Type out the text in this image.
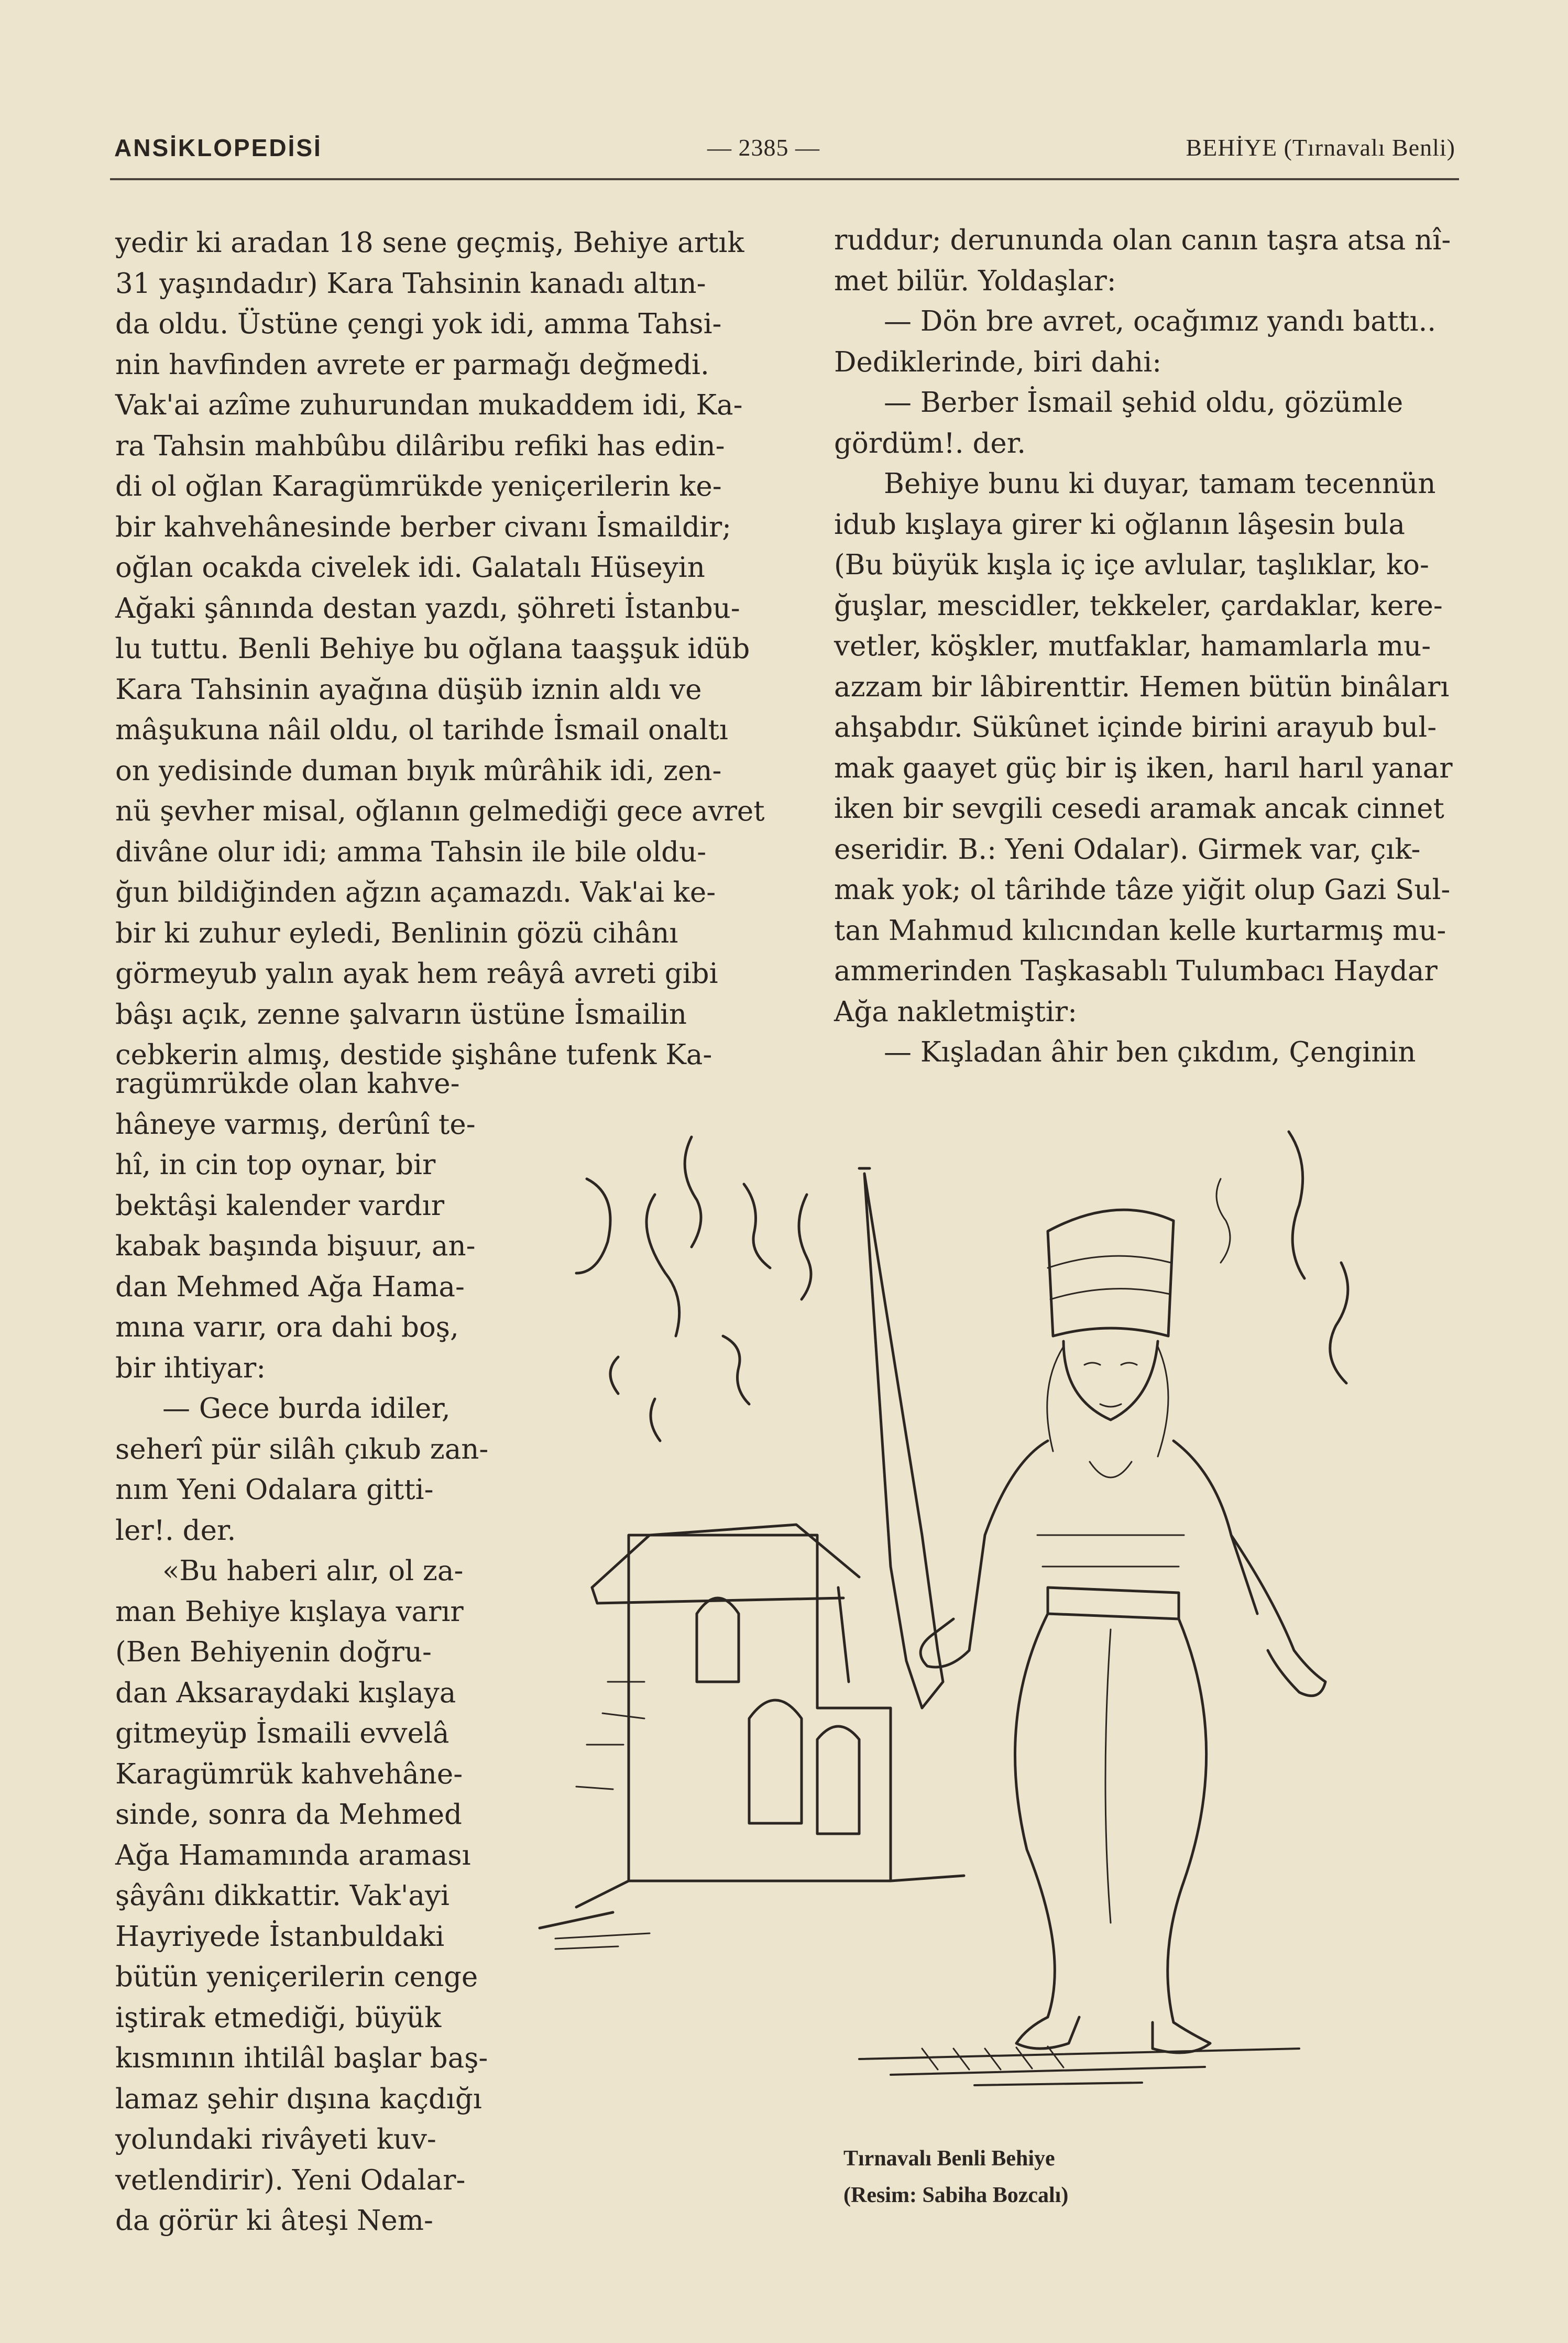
ANSİKLOPEDİSİ	— 2385 —	BEHİYE (Tırnavalı Benli)
yedir ki aradan 18 sene geçmiş, Behiye artık
31 yaşındadır) Kara Tahsinin kanadı altın-
da oldu. Üstüne çengi yok idi, amma Tahsi-
nin havfinden avrete er parmağı değmedi.
Vak'ai azîme zuhurundan mukaddem idi, Ka-
ra Tahsin mahbûbu dilâribu refiki has edin-
di ol oğlan Karagümrükde yeniçerilerin ke-
bir kahvehânesinde berber civanı İsmaildir;
oğlan ocakda civelek idi. Galatalı Hüseyin
Ağaki şânında destan yazdı, şöhreti İstanbu-
lu tuttu. Benli Behiye bu oğlana taaşşuk idüb
Kara Tahsinin ayağına düşüb iznin aldı ve
mâşukuna nâil oldu, ol tarihde İsmail onaltı
on yedisinde duman bıyık mûrâhik idi, zen-
nü şevher misal, oğlanın gelmediği gece avret
divâne olur idi; amma Tahsin ile bile oldu-
ğun bildiğinden ağzın açamazdı. Vak'ai ke-
bir ki zuhur eyledi, Benlinin gözü cihânı
görmeyub yalın ayak hem reâyâ avreti gibi
bâşı açık, zenne şalvarın üstüne İsmailin
cebkerin almış, destide şişhâne tufenk Ka-
ragümrükde olan kahve-
hâneye varmış, derûnî te-
hî, in cin top oynar, bir
bektâşi kalender vardır
kabak başında bişuur, an-
dan Mehmed Ağa Hama-
mına varır, ora dahi boş,
bir ihtiyar:
— Gece burda idiler,
seherî pür silâh çıkub zan-
nım Yeni Odalara gitti-
ler!. der.
«Bu haberi alır, ol za-
man Behiye kışlaya varır
(Ben Behiyenin doğru-
dan Aksaraydaki kışlaya
gitmeyüp İsmaili evvelâ
Karagümrük kahvehâne-
sinde, sonra da Mehmed
Ağa Hamamında araması
şâyânı dikkattir. Vak'ayi
Hayriyede İstanbuldaki
bütün yeniçerilerin cenge
iştirak etmediği, büyük
kısmının ihtilâl başlar baş-
lamaz şehir dışına kaçdığı
yolundaki rivâyeti kuv-
vetlendirir). Yeni Odalar-
da görür ki âteşi Nem-
ruddur; derununda olan canın taşra atsa nî-
met bilür. Yoldaşlar:
— Dön bre avret, ocağımız yandı battı..
Dediklerinde, biri dahi:
— Berber İsmail şehid oldu, gözümle
gördüm!. der.
Behiye bunu ki duyar, tamam tecennün
idub kışlaya girer ki oğlanın lâşesin bula
(Bu büyük kışla iç içe avlular, taşlıklar, ko-
ğuşlar, mescidler, tekkeler, çardaklar, kere-
vetler, köşkler, mutfaklar, hamamlarla mu-
azzam bir lâbirenttir. Hemen bütün binâları
ahşabdır. Sükûnet içinde birini arayub bul-
mak gaayet güç bir iş iken, harıl harıl yanar
iken bir sevgili cesedi aramak ancak cinnet
eseridir. B.: Yeni Odalar). Girmek var, çık-
mak yok; ol târihde tâze yiğit olup Gazi Sul-
tan Mahmud kılıcından kelle kurtarmış mu-
ammerinden Taşkasablı Tulumbacı Haydar
Ağa nakletmiştir:
— Kışladan âhir ben çıkdım, Çenginin
Tırnavalı Benli Behiye
(Resim: Sabiha Bozcalı)
